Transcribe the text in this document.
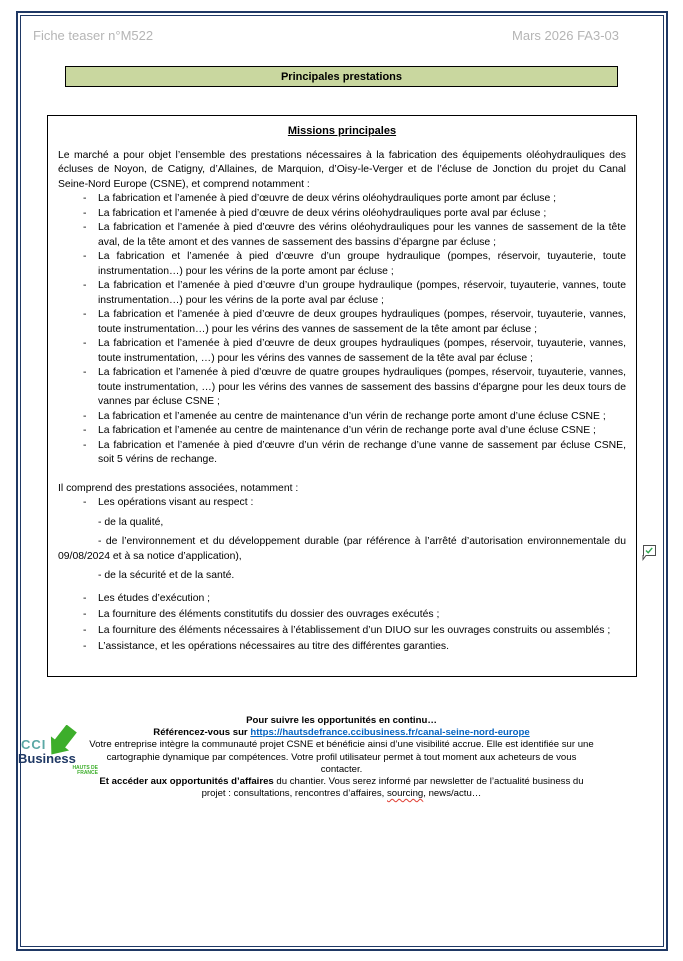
Fiche teaser n°M522	Mars 2026 FA3-03
Principales prestations
Missions principales

Le marché a pour objet l’ensemble des prestations nécessaires à la fabrication des équipements oléohydrauliques des écluses de Noyon, de Catigny, d’Allaines, de Marquion, d’Oisy-le-Verger et de l’écluse de Jonction du projet du Canal Seine-Nord Europe (CSNE), et comprend notamment :

- La fabrication et l’amenée à pied d’œuvre de deux vérins oléohydrauliques porte amont par écluse ;
- La fabrication et l’amenée à pied d’œuvre de deux vérins oléohydrauliques porte aval par écluse ;
- La fabrication et l’amenée à pied d’œuvre des vérins oléohydrauliques pour les vannes de sassement de la tête aval, de la tête amont et des vannes de sassement des bassins d’épargne par écluse ;
- La fabrication et l’amenée à pied d’œuvre d’un groupe hydraulique (pompes, réservoir, tuyauterie, toute instrumentation…) pour les vérins de la porte amont par écluse ;
- La fabrication et l’amenée à pied d’œuvre d’un groupe hydraulique (pompes, réservoir, tuyauterie, vannes, toute instrumentation…) pour les vérins de la porte aval par écluse ;
- La fabrication et l’amenée à pied d’œuvre de deux groupes hydrauliques (pompes, réservoir, tuyauterie, vannes, toute instrumentation…) pour les vérins des vannes de sassement de la tête amont par écluse ;
- La fabrication et l’amenée à pied d’œuvre de deux groupes hydrauliques (pompes, réservoir, tuyauterie, vannes, toute instrumentation, …) pour les vérins des vannes de sassement de la tête aval par écluse ;
- La fabrication et l’amenée à pied d’œuvre de quatre groupes hydrauliques (pompes, réservoir, tuyauterie, vannes, toute instrumentation, …) pour les vérins des vannes de sassement des bassins d’épargne pour les deux tours de vannes par écluse CSNE ;
- La fabrication et l’amenée au centre de maintenance d’un vérin de rechange porte amont d’une écluse CSNE ;
- La fabrication et l’amenée au centre de maintenance d’un vérin de rechange porte aval d’une écluse CSNE ;
- La fabrication et l’amenée à pied d’œuvre d’un vérin de rechange d’une vanne de sassement par écluse CSNE, soit 5 vérins de rechange.

Il comprend des prestations associées, notamment :

- Les opérations visant au respect :
- de la qualité,
- de l’environnement et du développement durable (par référence à l’arrêté d’autorisation environnementale du 09/08/2024 et à sa notice d’application),
- de la sécurité et de la santé.
- Les études d’exécution ;
- La fourniture des éléments constitutifs du dossier des ouvrages exécutés ;
- La fourniture des éléments nécessaires à l’établissement d’un DIUO sur les ouvrages construits ou assemblés ;
- L’assistance, et les opérations nécessaires au titre des différentes garanties.
CCI
Business
HAUTS DE FRANCE
Pour suivre les opportunités en continu…
Référencez-vous sur https://hautsdefrance.ccibusiness.fr/canal-seine-nord-europe
Votre entreprise intègre la communauté projet CSNE et bénéficie ainsi d’une visibilité accrue. Elle est identifiée sur une cartographie dynamique par compétences. Votre profil utilisateur permet à tout moment aux acheteurs de vous contacter.
Et accéder aux opportunités d’affaires du chantier. Vous serez informé par newsletter de l’actualité business du projet : consultations, rencontres d’affaires, sourcing, news/actu…
